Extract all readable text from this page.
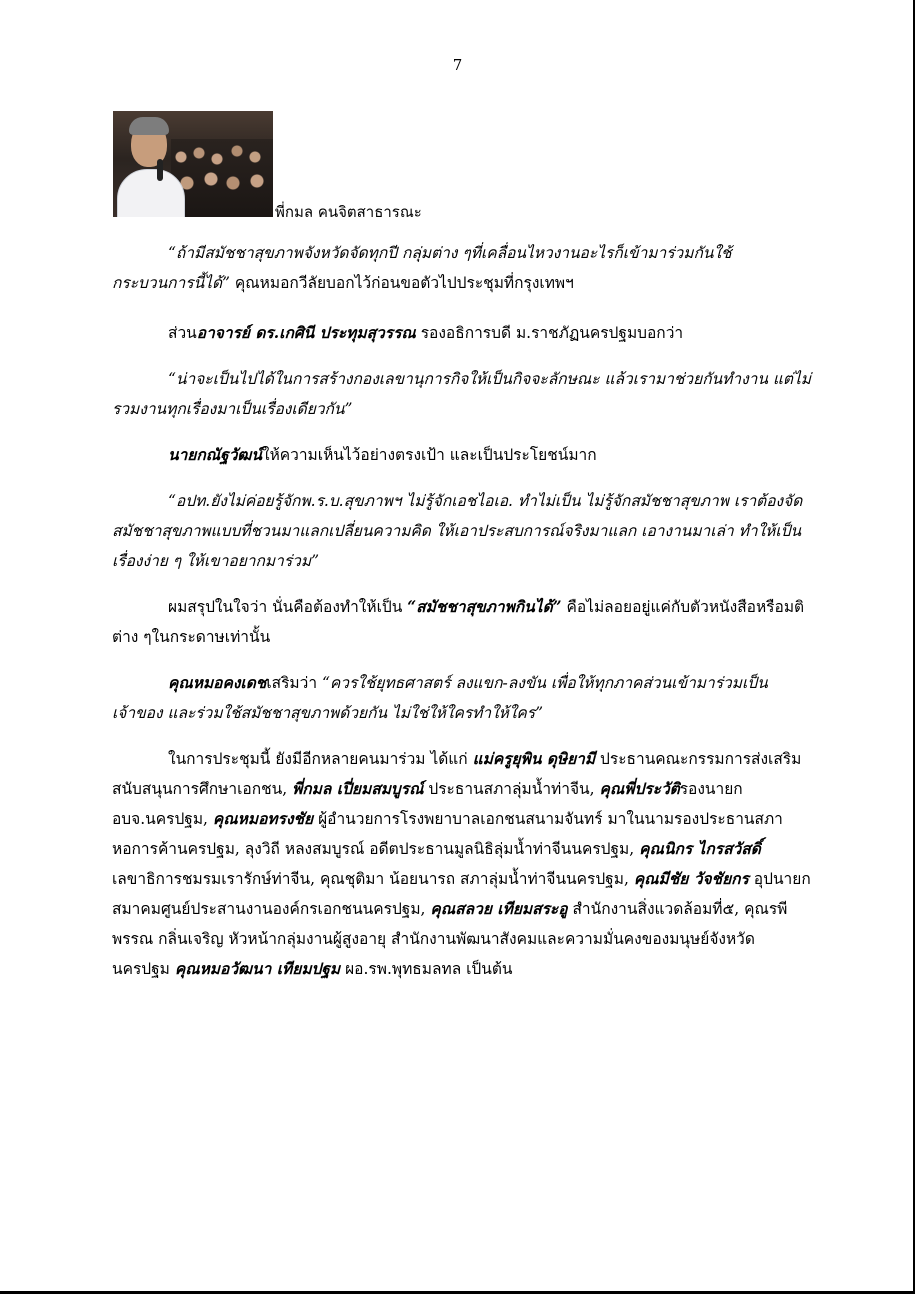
7
พี่กมล คนจิตสาธารณะ

“ถ้ามีสมัชชาสุขภาพจังหวัดจัดทุกปี กลุ่มต่าง ๆที่เคลื่อนไหวงานอะไรก็เข้ามาร่วมกันใช้กระบวนการนี้ได้” คุณหมอกวีลัยบอกไว้ก่อนขอตัวไปประชุมที่กรุงเทพฯ

ส่วนอาจารย์ ดร.เกศินี ประทุมสุวรรณ รองอธิการบดี ม.ราชภัฏนครปฐมบอกว่า

“น่าจะเป็นไปได้ในการสร้างกองเลขานุการกิจให้เป็นกิจจะลักษณะ แล้วเรามาช่วยกันทำงาน แต่ไม่รวมงานทุกเรื่องมาเป็นเรื่องเดียวกัน”

นายกณัฐวัฒน์ให้ความเห็นไว้อย่างตรงเป้า และเป็นประโยชน์มาก

“อปท.ยังไม่ค่อยรู้จักพ.ร.บ.สุขภาพฯ ไม่รู้จักเอชไอเอ. ทำไม่เป็น ไม่รู้จักสมัชชาสุขภาพ เราต้องจัดสมัชชาสุขภาพแบบที่ชวนมาแลกเปลี่ยนความคิด ให้เอาประสบการณ์จริงมาแลก เอางานมาเล่า ทำให้เป็นเรื่องง่าย ๆ ให้เขาอยากมาร่วม”

ผมสรุปในใจว่า นั่นคือต้องทำให้เป็น “สมัชชาสุขภาพกินได้” คือไม่ลอยอยู่แค่กับตัวหนังสือหรือมติต่าง ๆในกระดาษเท่านั้น

คุณหมอคงเดชเสริมว่า “ควรใช้ยุทธศาสตร์ ลงแขก-ลงขัน เพื่อให้ทุกภาคส่วนเข้ามาร่วมเป็นเจ้าของ และร่วมใช้สมัชชาสุขภาพด้วยกัน ไม่ใช่ให้ใครทำให้ใคร”

ในการประชุมนี้ ยังมีอีกหลายคนมาร่วม ได้แก่ แม่ครูยุพิน ดุษิยามี ประธานคณะกรรมการส่งเสริมสนับสนุนการศึกษาเอกชน, พี่กมล เปี่ยมสมบูรณ์ ประธานสภาลุ่มน้ำท่าจีน, คุณพี่ประวัติรองนายกอบจ.นครปฐม, คุณหมอทรงชัย ผู้อำนวยการโรงพยาบาลเอกชนสนามจันทร์ มาในนามรองประธานสภาหอการค้านครปฐม, ลุงวิถี หลงสมบูรณ์ อดีตประธานมูลนิธิลุ่มน้ำท่าจีนนครปฐม, คุณนิกร ไกรสวัสดิ์ เลขาธิการชมรมเรารักษ์ท่าจีน, คุณชุติมา น้อยนารถ สภาลุ่มน้ำท่าจีนนครปฐม, คุณมีชัย วัจชัยกร อุปนายกสมาคมศูนย์ประสานงานองค์กรเอกชนนครปฐม, คุณสลวย เทียมสระอู สำนักงานสิ่งแวดล้อมที่๕, คุณรพีพรรณ กลิ่นเจริญ หัวหน้ากลุ่มงานผู้สูงอายุ สำนักงานพัฒนาสังคมและความมั่นคงของมนุษย์จังหวัดนครปฐม คุณหมอวัฒนา เทียมปฐม ผอ.รพ.พุทธมลทล เป็นต้น
